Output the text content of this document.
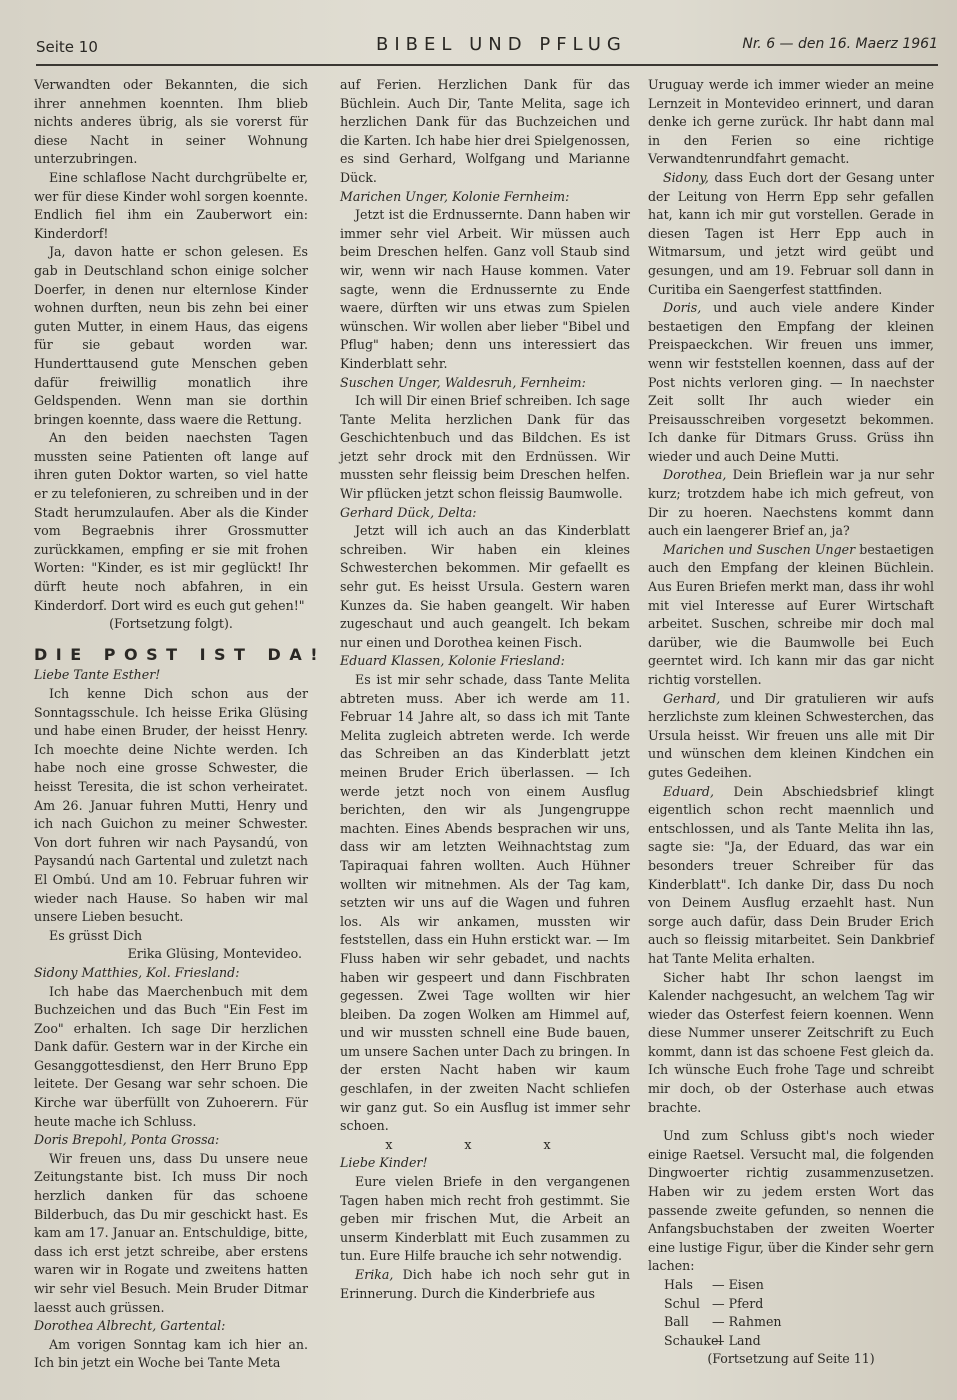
Seite 10	BIBEL UND PFLUG	Nr. 6 — den 16. Maerz 1961

Verwandten oder Bekannten, die sich ihrer annehmen koennten. Ihm blieb nichts anderes übrig, als sie vorerst für diese Nacht in seiner Wohnung unterzubringen.

Eine schlaflose Nacht durchgrübelte er, wer für diese Kinder wohl sorgen koennte. Endlich fiel ihm ein Zauberwort ein: Kinderdorf!

Ja, davon hatte er schon gelesen. Es gab in Deutschland schon einige solcher Doerfer, in denen nur elternlose Kinder wohnen durften, neun bis zehn bei einer guten Mutter, in einem Haus, das eigens für sie gebaut worden war. Hunderttausend gute Menschen geben dafür freiwillig monatlich ihre Geldspenden. Wenn man sie dorthin bringen koennte, dass waere die Rettung.

An den beiden naechsten Tagen mussten seine Patienten oft lange auf ihren guten Doktor warten, so viel hatte er zu telefonieren, zu schreiben und in der Stadt herumzulaufen. Aber als die Kinder vom Begraebnis ihrer Grossmutter zurückkamen, empfing er sie mit frohen Worten: "Kinder, es ist mir geglückt! Ihr dürft heute noch abfahren, in ein Kinderdorf. Dort wird es euch gut gehen!"

(Fortsetzung folgt).

DIE POST IST DA!

Liebe Tante Esther!

Ich kenne Dich schon aus der Sonntagsschule. Ich heisse Erika Glüsing und habe einen Bruder, der heisst Henry. Ich moechte deine Nichte werden. Ich habe noch eine grosse Schwester, die heisst Teresita, die ist schon verheiratet. Am 26. Januar fuhren Mutti, Henry und ich nach Guichon zu meiner Schwester. Von dort fuhren wir nach Paysandú, von Paysandú nach Gartental und zuletzt nach El Ombú. Und am 10. Februar fuhren wir wieder nach Hause. So haben wir mal unsere Lieben besucht.

Es grüsst Dich

Erika Glüsing, Montevideo.

Sidony Matthies, Kol. Friesland:

Ich habe das Maerchenbuch mit dem Buchzeichen und das Buch "Ein Fest im Zoo" erhalten. Ich sage Dir herzlichen Dank dafür. Gestern war in der Kirche ein Gesanggottesdienst, den Herr Bruno Epp leitete. Der Gesang war sehr schoen. Die Kirche war überfüllt von Zuhoerern. Für heute mache ich Schluss.

Doris Brepohl, Ponta Grossa:

Wir freuen uns, dass Du unsere neue Zeitungstante bist. Ich muss Dir noch herzlich danken für das schoene Bilderbuch, das Du mir geschickt hast. Es kam am 17. Januar an. Entschuldige, bitte, dass ich erst jetzt schreibe, aber erstens waren wir in Rogate und zweitens hatten wir sehr viel Besuch. Mein Bruder Ditmar laesst auch grüssen.

Dorothea Albrecht, Gartental:

Am vorigen Sonntag kam ich hier an. Ich bin jetzt ein Woche bei Tante Meta

auf Ferien. Herzlichen Dank für das Büchlein. Auch Dir, Tante Melita, sage ich herzlichen Dank für das Buchzeichen und die Karten. Ich habe hier drei Spielgenossen, es sind Gerhard, Wolfgang und Marianne Dück.

Marichen Unger, Kolonie Fernheim:

Jetzt ist die Erdnussernte. Dann haben wir immer sehr viel Arbeit. Wir müssen auch beim Dreschen helfen. Ganz voll Staub sind wir, wenn wir nach Hause kommen. Vater sagte, wenn die Erdnussernte zu Ende waere, dürften wir uns etwas zum Spielen wünschen. Wir wollen aber lieber "Bibel und Pflug" haben; denn uns interessiert das Kinderblatt sehr.

Suschen Unger, Waldesruh, Fernheim:

Ich will Dir einen Brief schreiben. Ich sage Tante Melita herzlichen Dank für das Geschichtenbuch und das Bildchen. Es ist jetzt sehr drock mit den Erdnüssen. Wir mussten sehr fleissig beim Dreschen helfen. Wir pflücken jetzt schon fleissig Baumwolle.

Gerhard Dück, Delta:

Jetzt will ich auch an das Kinderblatt schreiben. Wir haben ein kleines Schwesterchen bekommen. Mir gefaellt es sehr gut. Es heisst Ursula. Gestern waren Kunzes da. Sie haben geangelt. Wir haben zugeschaut und auch geangelt. Ich bekam nur einen und Dorothea keinen Fisch.

Eduard Klassen, Kolonie Friesland:

Es ist mir sehr schade, dass Tante Melita abtreten muss. Aber ich werde am 11. Februar 14 Jahre alt, so dass ich mit Tante Melita zugleich abtreten werde. Ich werde das Schreiben an das Kinderblatt jetzt meinen Bruder Erich überlassen. — Ich werde jetzt noch von einem Ausflug berichten, den wir als Jungengruppe machten. Eines Abends besprachen wir uns, dass wir am letzten Weihnachtstag zum Tapiraquai fahren wollten. Auch Hühner wollten wir mitnehmen. Als der Tag kam, setzten wir uns auf die Wagen und fuhren los. Als wir ankamen, mussten wir feststellen, dass ein Huhn erstickt war. — Im Fluss haben wir sehr gebadet, und nachts haben wir gespeert und dann Fischbraten gegessen. Zwei Tage wollten wir hier bleiben. Da zogen Wolken am Himmel auf, und wir mussten schnell eine Bude bauen, um unsere Sachen unter Dach zu bringen. In der ersten Nacht haben wir kaum geschlafen, in der zweiten Nacht schliefen wir ganz gut. So ein Ausflug ist immer sehr schoen.

x x x

Liebe Kinder!

Eure vielen Briefe in den vergangenen Tagen haben mich recht froh gestimmt. Sie geben mir frischen Mut, die Arbeit an unserm Kinderblatt mit Euch zusammen zu tun. Eure Hilfe brauche ich sehr notwendig.

Erika, Dich habe ich noch sehr gut in Erinnerung. Durch die Kinderbriefe aus

Uruguay werde ich immer wieder an meine Lernzeit in Montevideo erinnert, und daran denke ich gerne zurück. Ihr habt dann mal in den Ferien so eine richtige Verwandtenrundfahrt gemacht.

Sidony, dass Euch dort der Gesang unter der Leitung von Herrn Epp sehr gefallen hat, kann ich mir gut vorstellen. Gerade in diesen Tagen ist Herr Epp auch in Witmarsum, und jetzt wird geübt und gesungen, und am 19. Februar soll dann in Curitiba ein Saengerfest stattfinden.

Doris, und auch viele andere Kinder bestaetigen den Empfang der kleinen Preispaeckchen. Wir freuen uns immer, wenn wir feststellen koennen, dass auf der Post nichts verloren ging. — In naechster Zeit sollt Ihr auch wieder ein Preisausschreiben vorgesetzt bekommen. Ich danke für Ditmars Gruss. Grüss ihn wieder und auch Deine Mutti.

Dorothea, Dein Brieflein war ja nur sehr kurz; trotzdem habe ich mich gefreut, von Dir zu hoeren. Naechstens kommt dann auch ein laengerer Brief an, ja?

Marichen und Suschen Unger bestaetigen auch den Empfang der kleinen Büchlein. Aus Euren Briefen merkt man, dass ihr wohl mit viel Interesse auf Eurer Wirtschaft arbeitet. Suschen, schreibe mir doch mal darüber, wie die Baumwolle bei Euch geerntet wird. Ich kann mir das gar nicht richtig vorstellen.

Gerhard, und Dir gratulieren wir aufs herzlichste zum kleinen Schwesterchen, das Ursula heisst. Wir freuen uns alle mit Dir und wünschen dem kleinen Kindchen ein gutes Gedeihen.

Eduard, Dein Abschiedsbrief klingt eigentlich schon recht maennlich und entschlossen, und als Tante Melita ihn las, sagte sie: "Ja, der Eduard, das war ein besonders treuer Schreiber für das Kinderblatt". Ich danke Dir, dass Du noch von Deinem Ausflug erzaehlt hast. Nun sorge auch dafür, dass Dein Bruder Erich auch so fleissig mitarbeitet. Sein Dankbrief hat Tante Melita erhalten.

Sicher habt Ihr schon laengst im Kalender nachgesucht, an welchem Tag wir wieder das Osterfest feiern koennen. Wenn diese Nummer unserer Zeitschrift zu Euch kommt, dann ist das schoene Fest gleich da. Ich wünsche Euch frohe Tage und schreibt mir doch, ob der Osterhase auch etwas brachte.

Und zum Schluss gibt's noch wieder einige Raetsel. Versucht mal, die folgenden Dingwoerter richtig zusammenzusetzen. Haben wir zu jedem ersten Wort das passende zweite gefunden, so nennen die Anfangsbuchstaben der zweiten Woerter eine lustige Figur, über die Kinder sehr gern lachen:

Hals — Eisen
Schul — Pferd
Ball — Rahmen
Schaukel — Land

(Fortsetzung auf Seite 11)
